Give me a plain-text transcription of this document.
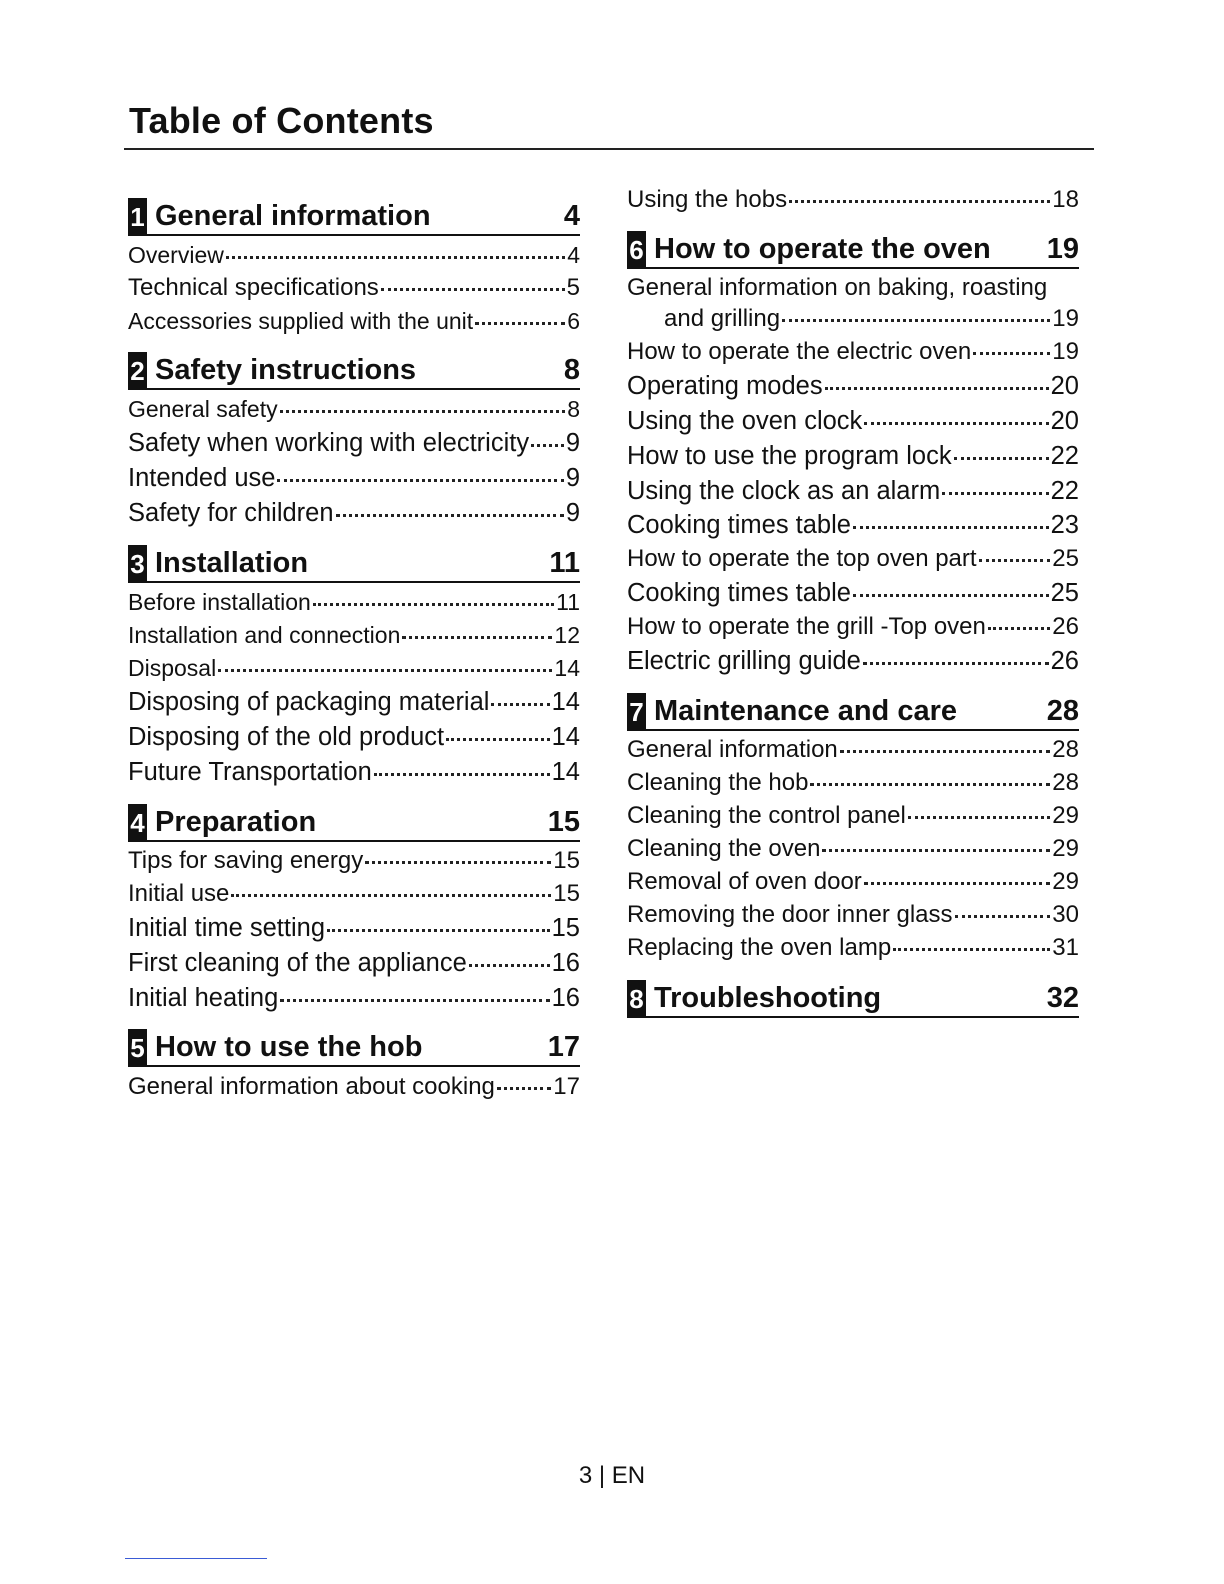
Table of Contents
1 General information	4
Overview	4
Technical specifications	5
Accessories supplied with the unit	6
2 Safety instructions	8
General safety	8
Safety when working with electricity 9
Intended use	9
Safety for children	9
3 Installation	11
Before installation	11
Installation and connection	12
Disposal	14
Disposing of packaging material 14
Disposing of the old product	14
Future Transportation	14
4 Preparation	15
Tips for saving energy	15
Initial use	15
Initial time setting	15
First cleaning of the appliance	16
Initial heating	16
5 How to use the hob	17
General information about cooking 17
Using the hobs	18
6 How to operate the oven 19
General information on baking, roasting
and grilling	19
How to operate the electric oven	19
Operating modes	20
Using the oven clock	20
How to use the program lock	22
Using the clock as an alarm	22
Cooking times table	23
How to operate the top oven part	25
Cooking times table	25
How to operate the grill -Top oven	26
Electric grilling guide	26
7 Maintenance and care	28
General information	28
Cleaning the hob	28
Cleaning the control panel	29
Cleaning the oven	29
Removal of oven door	29
Removing the door inner glass	30
Replacing the oven lamp	31
8 Troubleshooting	32
3 | EN
